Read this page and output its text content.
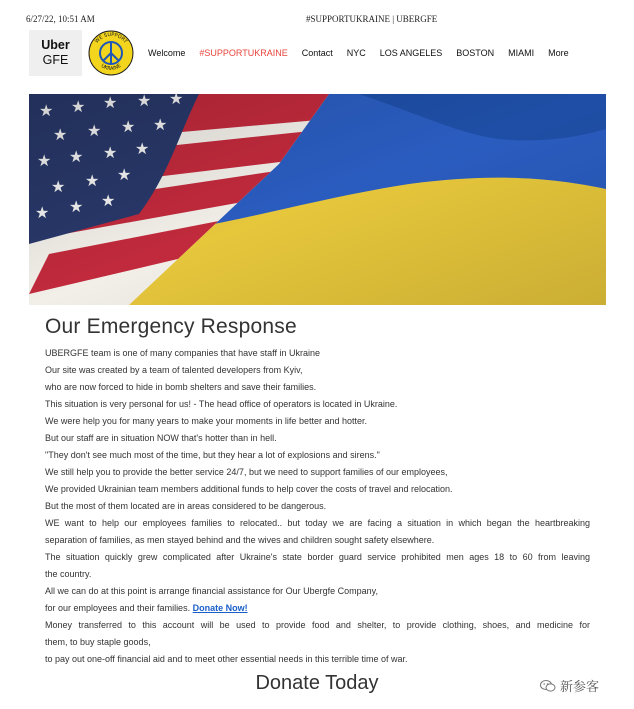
6/27/22, 10:51 AM	#SUPPORTUKRAINE | UBERGFE
Uber
GFE
WE SUPPORT
UKRAINE
Welcome #SUPPORTUKRAINE Contact NYC LOS ANGELES BOSTON MIAMI More
Our Emergency Response
UBERGFE team is one of many companies that have staff in Ukraine
Our site was created by a team of talented developers from Kyiv,
who are now forced to hide in bomb shelters and save their families.
This situation is very personal for us! - The head office of operators is located in Ukraine.
We were help you for many years to make your moments in life better and hotter.
But our staff are in situation NOW that's hotter than in hell.
"They don't see much most of the time, but they hear a lot of explosions and sirens."
We still help you to provide the better service 24/7, but we need to support families of our employees,
We provided Ukrainian team members additional funds to help cover the costs of travel and relocation.
But the most of them located are in areas considered to be dangerous.
WE want to help our employees families to relocated.. but today we are facing a situation in which began the heartbreaking
separation of families, as men stayed behind and the wives and children sought safety elsewhere.
The situation quickly grew complicated after Ukraine's state border guard service prohibited men ages 18 to 60 from leaving
the country.
All we can do at this point is arrange financial assistance for Our Ubergfe Company,
for our employees and their families. Donate Now!
Money transferred to this account will be used to provide food and shelter, to provide clothing, shoes, and medicine for
them, to buy staple goods,
to pay out one-off financial aid and to meet other essential needs in this terrible time of war.
Donate Today	新参客
